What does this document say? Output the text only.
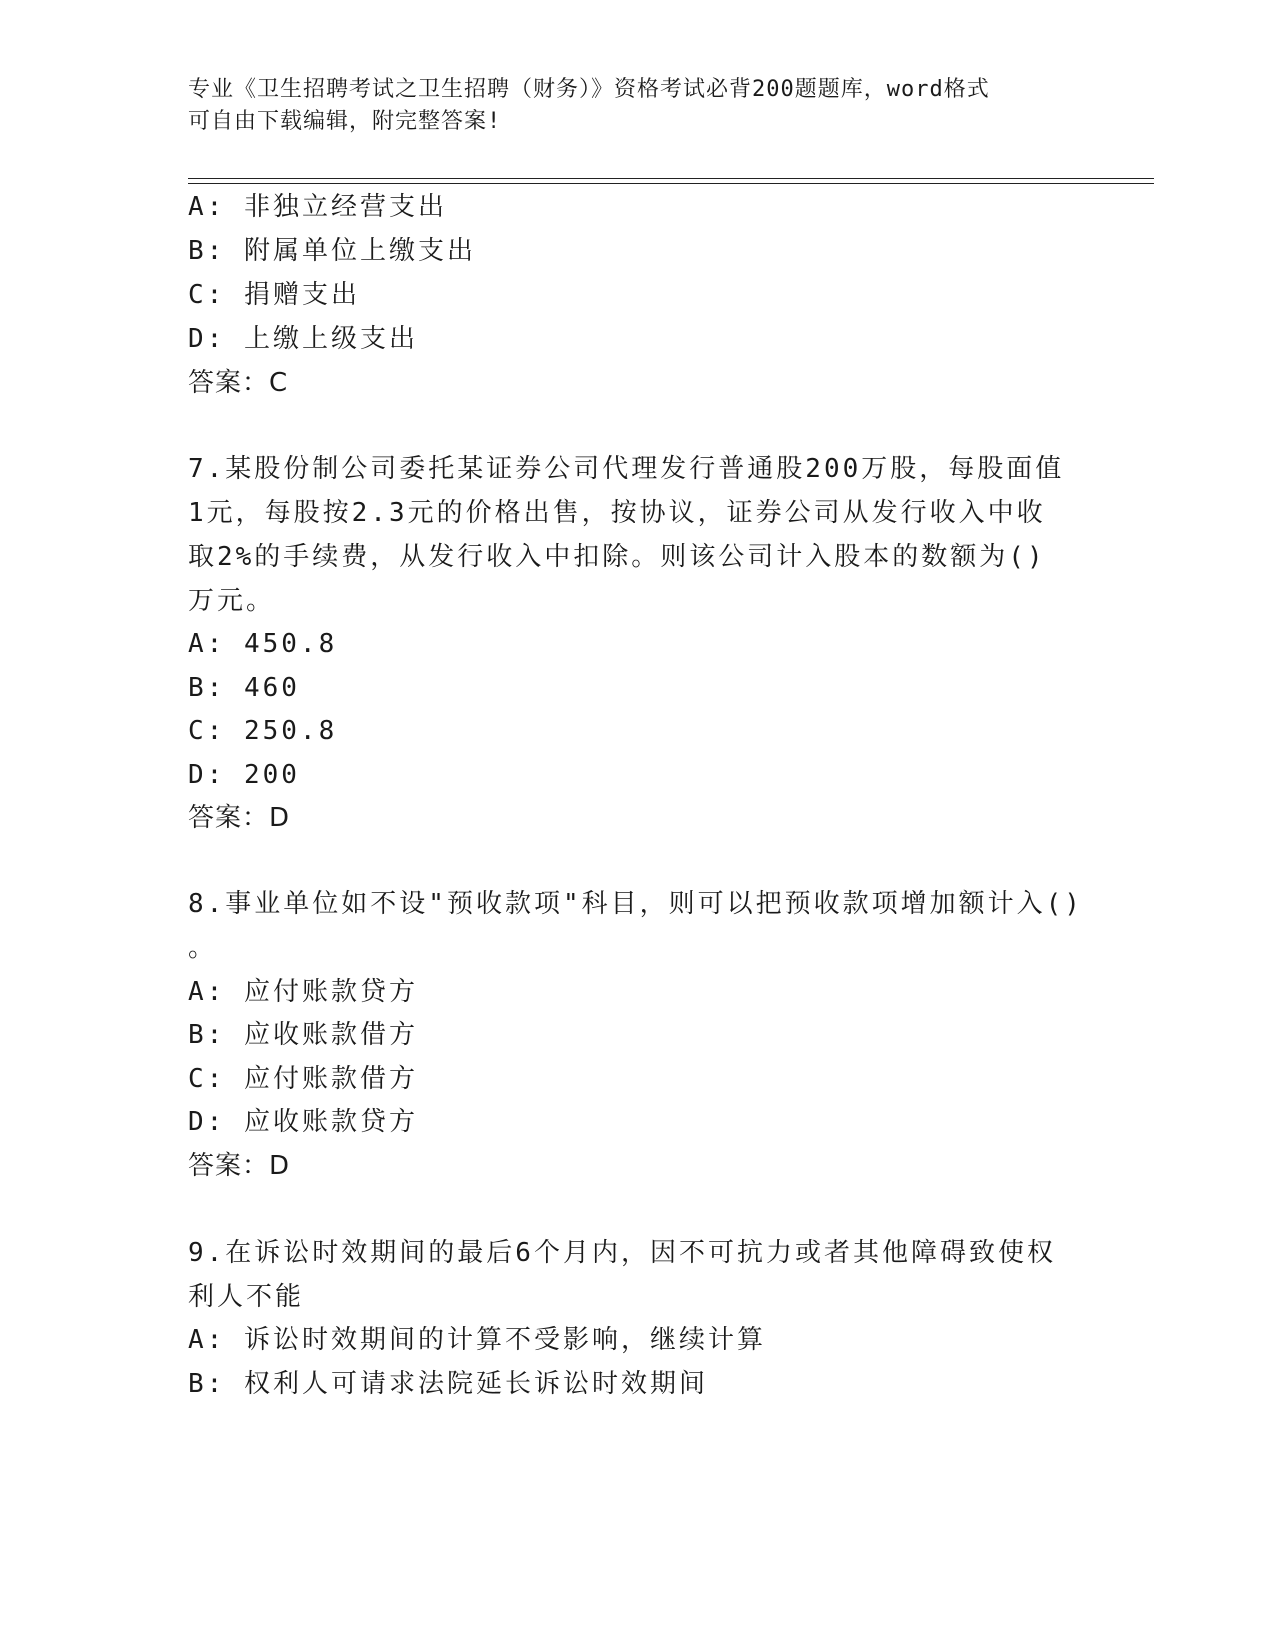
专业《卫生招聘考试之卫生招聘（财务）》资格考试必背200题题库，word格式
可自由下载编辑，附完整答案!
A: 非独立经营支出
B: 附属单位上缴支出
C: 捐赠支出
D: 上缴上级支出
答案：C
7.某股份制公司委托某证券公司代理发行普通股200万股，每股面值
1元，每股按2.3元的价格出售，按协议，证券公司从发行收入中收
取2%的手续费，从发行收入中扣除。则该公司计入股本的数额为()
万元。
A: 450.8
B: 460
C: 250.8
D: 200
答案：D
8.事业单位如不设"预收款项"科目，则可以把预收款项增加额计入()
。
A: 应付账款贷方
B: 应收账款借方
C: 应付账款借方
D: 应收账款贷方
答案：D
9.在诉讼时效期间的最后6个月内，因不可抗力或者其他障碍致使权
利人不能
A: 诉讼时效期间的计算不受影响，继续计算
B: 权利人可请求法院延长诉讼时效期间
